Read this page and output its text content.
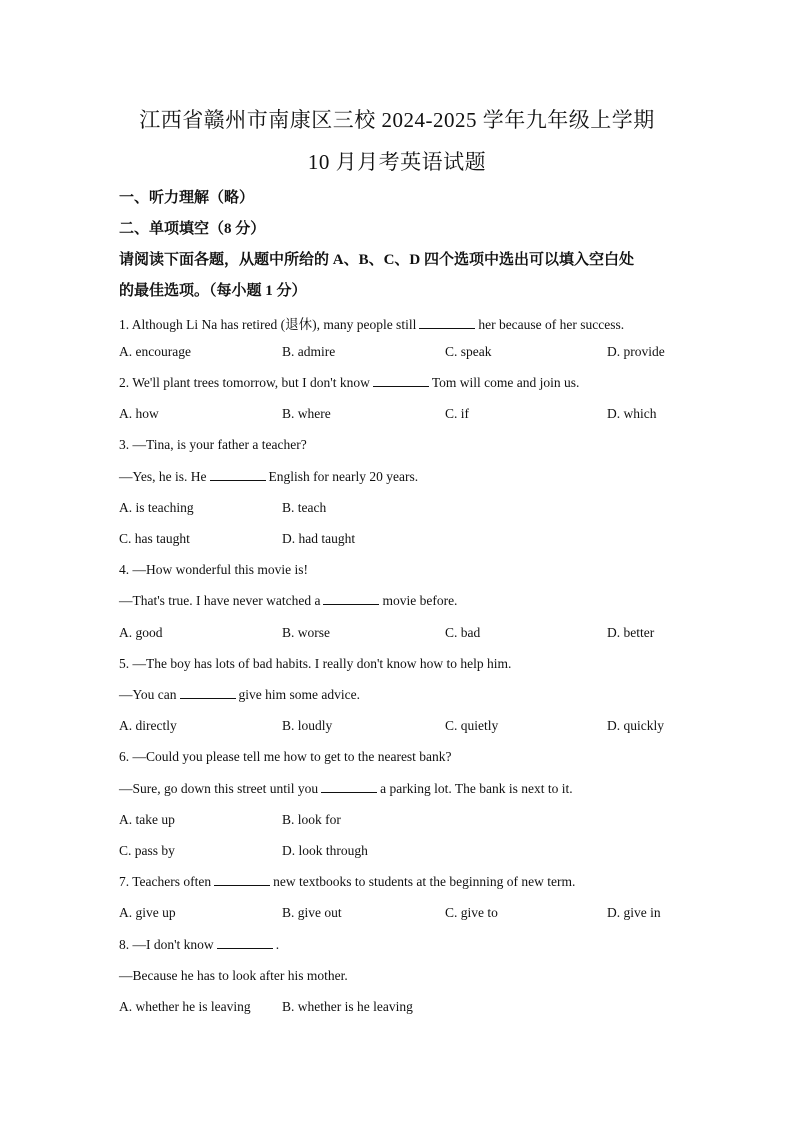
江西省赣州市南康区三校 2024-2025 学年九年级上学期
10 月月考英语试题
一、听力理解（略）
二、单项填空（8 分）
请阅读下面各题，从题中所给的 A、B、C、D 四个选项中选出可以填入空白处
的最佳选项。（每小题 1 分）
1. Although Li Na has retired (退休), many people still	her because of her success.
A. encourage	B. admire	C. speak	D. provide
2. We'll plant trees tomorrow, but I don't know	Tom will come and join us.
A. how	B. where	C. if	D. which
3. —Tina, is your father a teacher?
—Yes, he is. He	English for nearly 20 years.
A. is teaching	B. teach
C. has taught	D. had taught
4. —How wonderful this movie is!
—That's true. I have never watched a	movie before.
A. good	B. worse	C. bad	D. better
5. —The boy has lots of bad habits. I really don't know how to help him.
—You can	give him some advice.
A. directly	B. loudly	C. quietly	D. quickly
6. —Could you please tell me how to get to the nearest bank?
—Sure, go down this street until you	a parking lot. The bank is next to it.
A. take up	B. look for
C. pass by	D. look through
7. Teachers often	new textbooks to students at the beginning of new term.
A. give up	B. give out	C. give to	D. give in
8. —I don't know	.
—Because he has to look after his mother.
A. whether he is leaving B. whether is he leaving
